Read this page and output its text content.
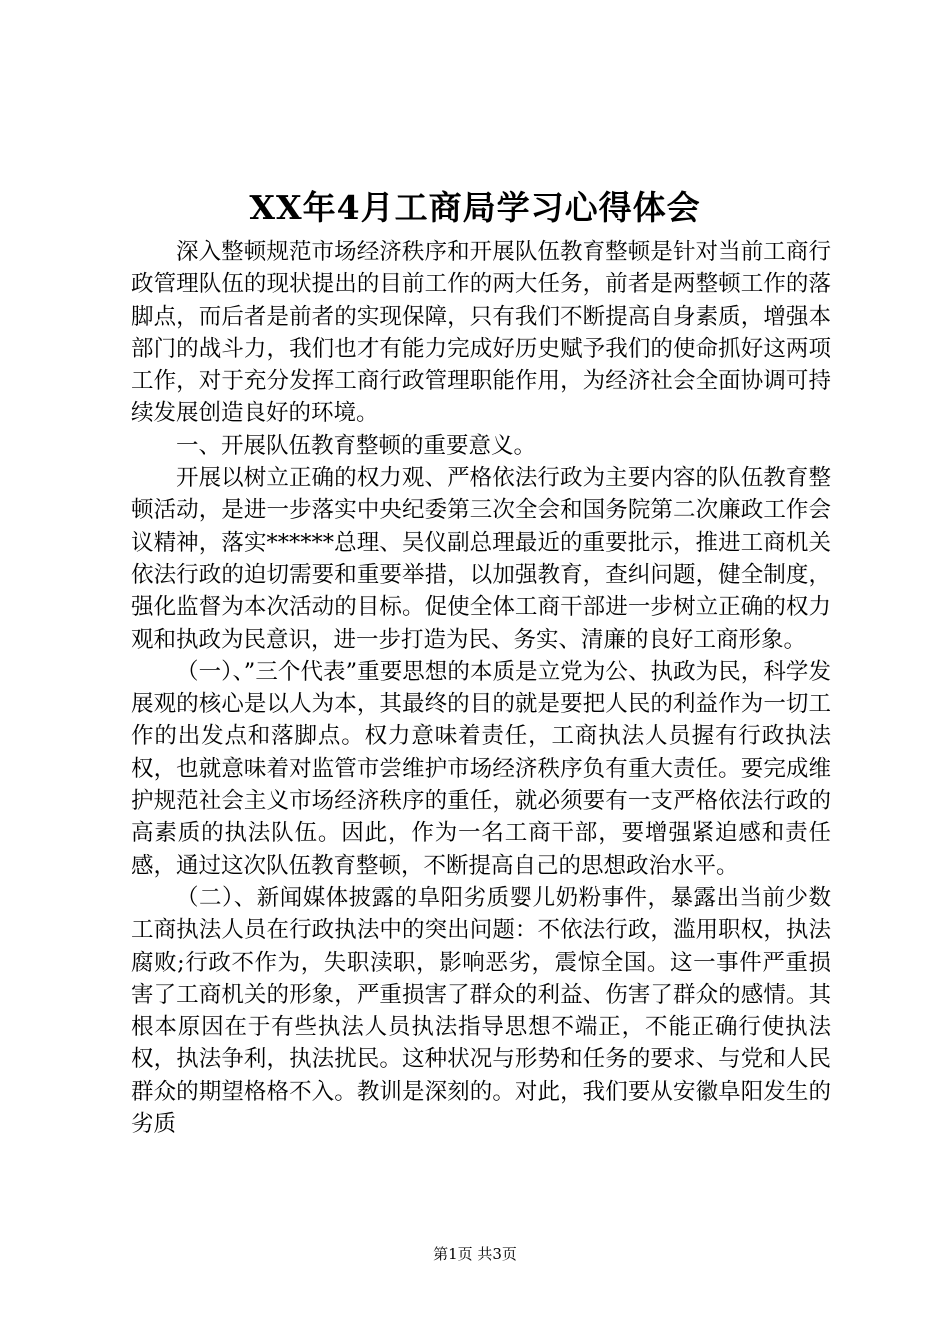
XX年4月工商局学习心得体会

深入整顿规范市场经济秩序和开展队伍教育整顿是针对当前工商行政管理队伍的现状提出的目前工作的两大任务，前者是两整顿工作的落脚点，而后者是前者的实现保障，只有我们不断提高自身素质，增强本部门的战斗力，我们也才有能力完成好历史赋予我们的使命抓好这两项工作，对于充分发挥工商行政管理职能作用，为经济社会全面协调可持续发展创造良好的环境。

一、开展队伍教育整顿的重要意义。

开展以树立正确的权力观、严格依法行政为主要内容的队伍教育整顿活动，是进一步落实中央纪委第三次全会和国务院第二次廉政工作会议精神，落实******总理、吴仪副总理最近的重要批示，推进工商机关依法行政的迫切需要和重要举措，以加强教育，查纠问题，健全制度，强化监督为本次活动的目标。促使全体工商干部进一步树立正确的权力观和执政为民意识，进一步打造为民、务实、清廉的良好工商形象。

（一）、”三个代表”重要思想的本质是立党为公、执政为民，科学发展观的核心是以人为本，其最终的目的就是要把人民的利益作为一切工作的出发点和落脚点。权力意味着责任，工商执法人员握有行政执法权，也就意味着对监管市尝维护市场经济秩序负有重大责任。要完成维护规范社会主义市场经济秩序的重任，就必须要有一支严格依法行政的高素质的执法队伍。因此，作为一名工商干部，要增强紧迫感和责任感，通过这次队伍教育整顿，不断提高自己的思想政治水平。

（二）、新闻媒体披露的阜阳劣质婴儿奶粉事件，暴露出当前少数工商执法人员在行政执法中的突出问题：不依法行政，滥用职权，执法腐败;行政不作为，失职渎职，影响恶劣，震惊全国。这一事件严重损害了工商机关的形象，严重损害了群众的利益、伤害了群众的感情。其根本原因在于有些执法人员执法指导思想不端正，不能正确行使执法权，执法争利，执法扰民。这种状况与形势和任务的要求、与党和人民群众的期望格格不入。教训是深刻的。对此，我们要从安徽阜阳发生的劣质

第1页 共3页
